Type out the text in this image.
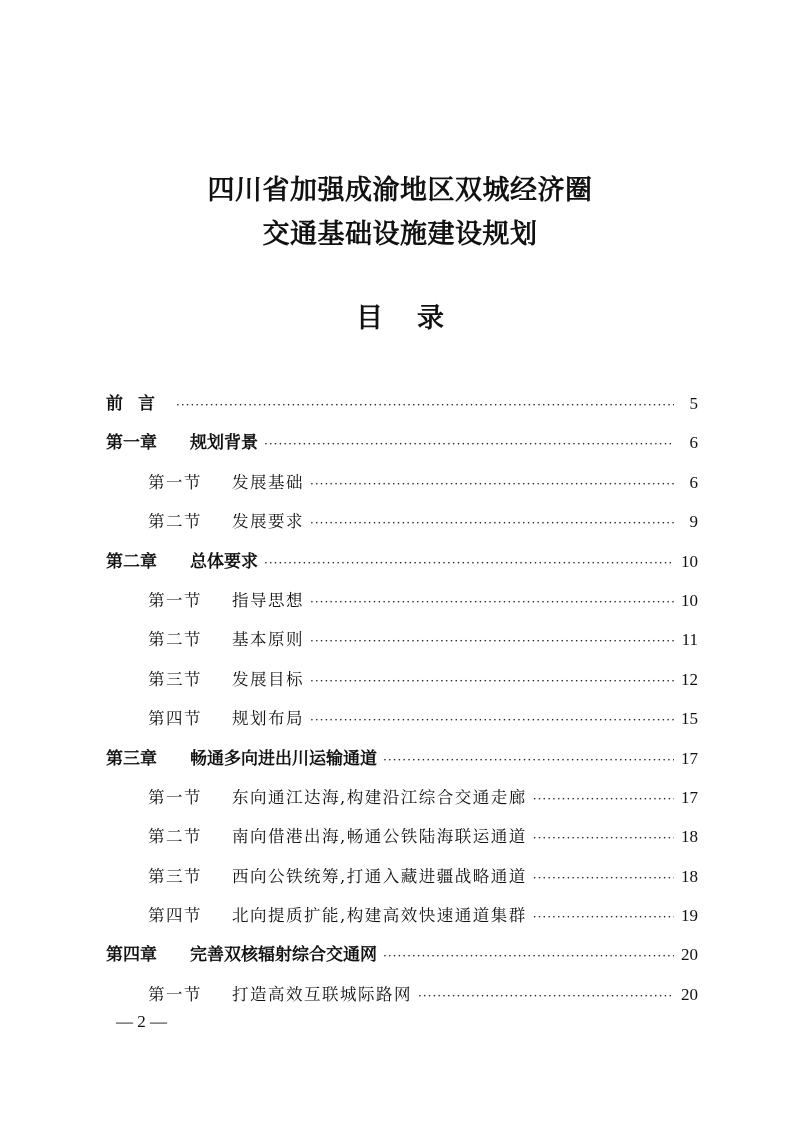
四川省加强成渝地区双城经济圈
交通基础设施建设规划
目录
前言 ·····	5
第一章	规划背景 ·····	6
第一节	发展基础 ·····	6
第二节	发展要求 ·····	9
第二章	总体要求 ·····	10
第一节	指导思想 ·····	10
第二节	基本原则 ·····	11
第三节	发展目标 ·····	12
第四节	规划布局 ·····	15
第三章	畅通多向进出川运输通道 ·····	17
第一节	东向通江达海,构建沿江综合交通走廊 ·····	17
第二节	南向借港出海,畅通公铁陆海联运通道 ·····	18
第三节	西向公铁统筹,打通入藏进疆战略通道 ·····	18
第四节	北向提质扩能,构建高效快速通道集群 ·····	19
第四章	完善双核辐射综合交通网 ·····	20
第一节	打造高效互联城际路网 ·····	20
— 2 —
